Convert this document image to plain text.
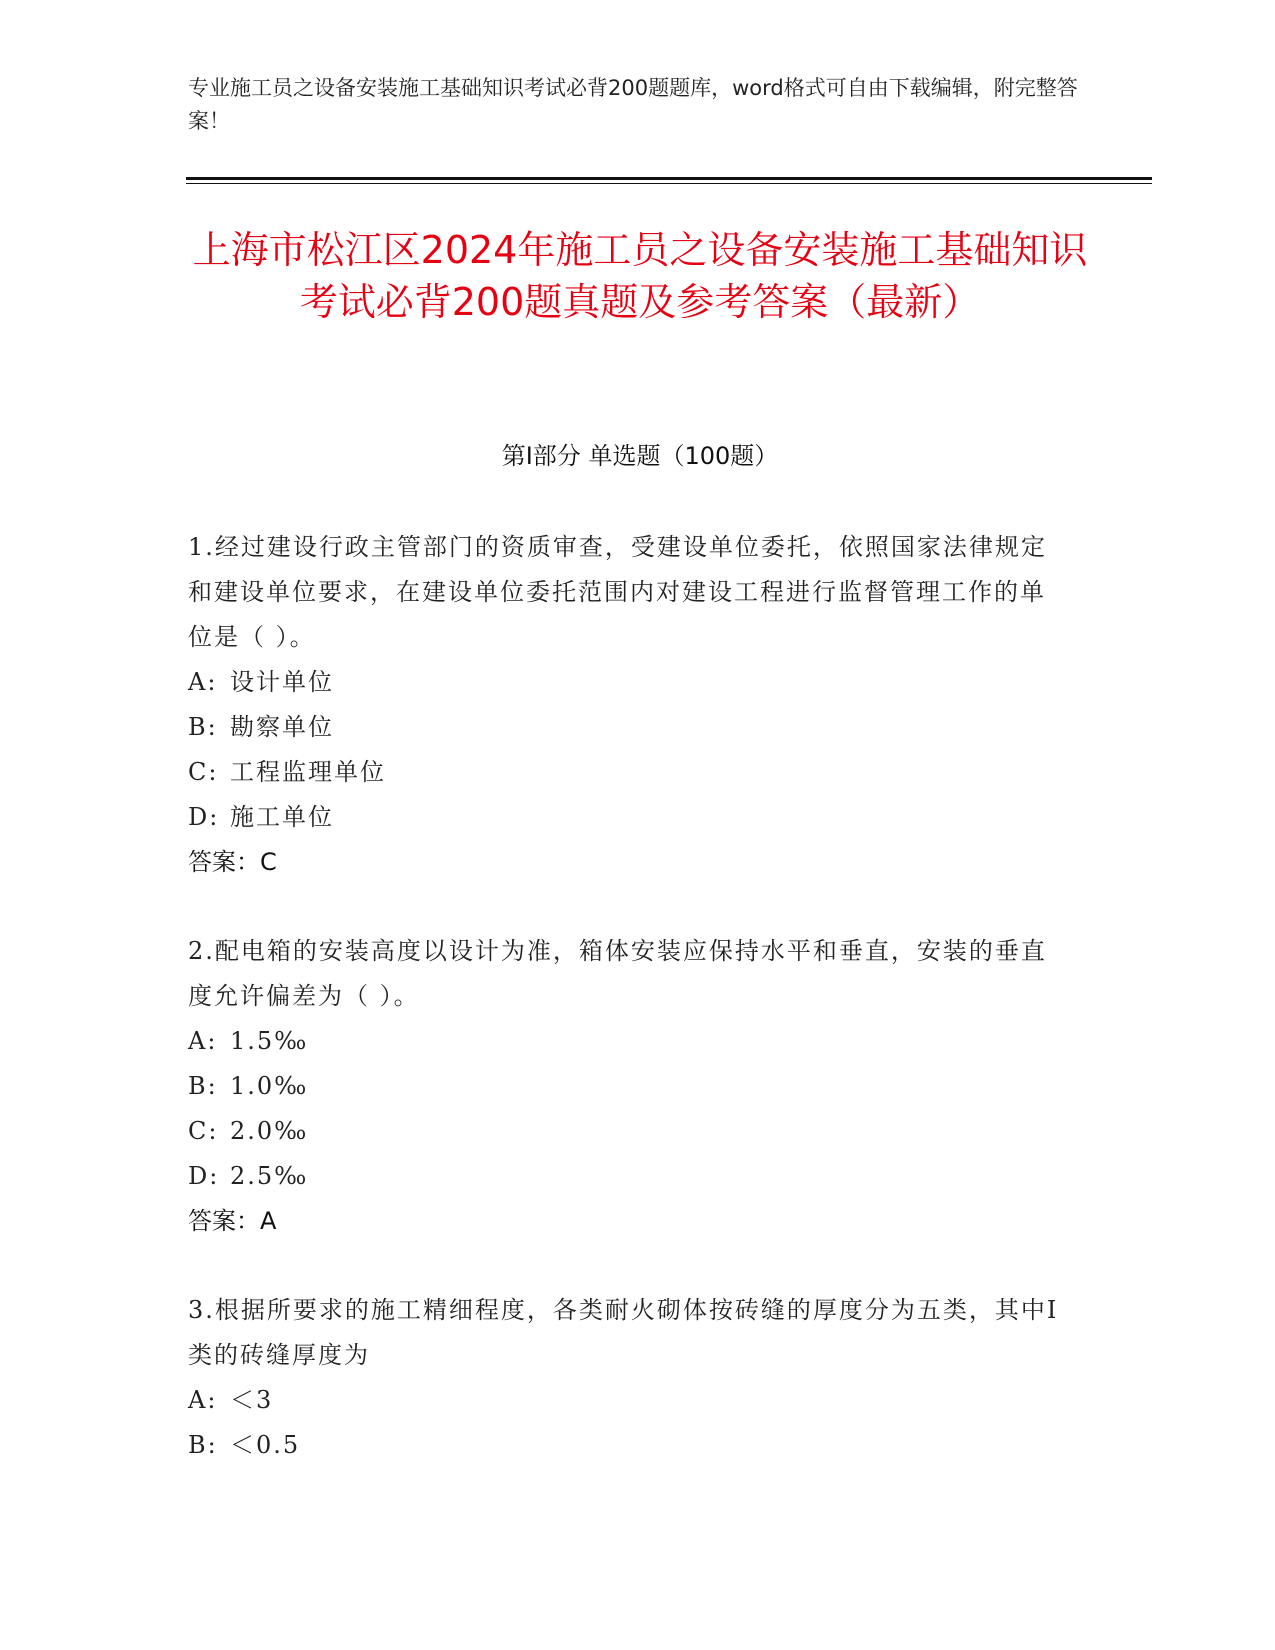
专业施工员之设备安装施工基础知识考试必背200题题库，word格式可自由下载编辑，附完整答案！
上海市松江区2024年施工员之设备安装施工基础知识考试必背200题真题及参考答案（最新）
第Ⅰ部分 单选题（100题）
1.经过建设行政主管部门的资质审查，受建设单位委托，依照国家法律规定和建设单位要求，在建设单位委托范围内对建设工程进行监督管理工作的单位是（ ）。
A: 设计单位
B: 勘察单位
C: 工程监理单位
D: 施工单位
答案：C
2.配电箱的安装高度以设计为准，箱体安装应保持水平和垂直，安装的垂直度允许偏差为（ ）。
A: 1.5‰
B: 1.0‰
C: 2.0‰
D: 2.5‰
答案：A
3.根据所要求的施工精细程度，各类耐火砌体按砖缝的厚度分为五类，其中Ⅰ类的砖缝厚度为
A: ＜3
B: ＜0.5
